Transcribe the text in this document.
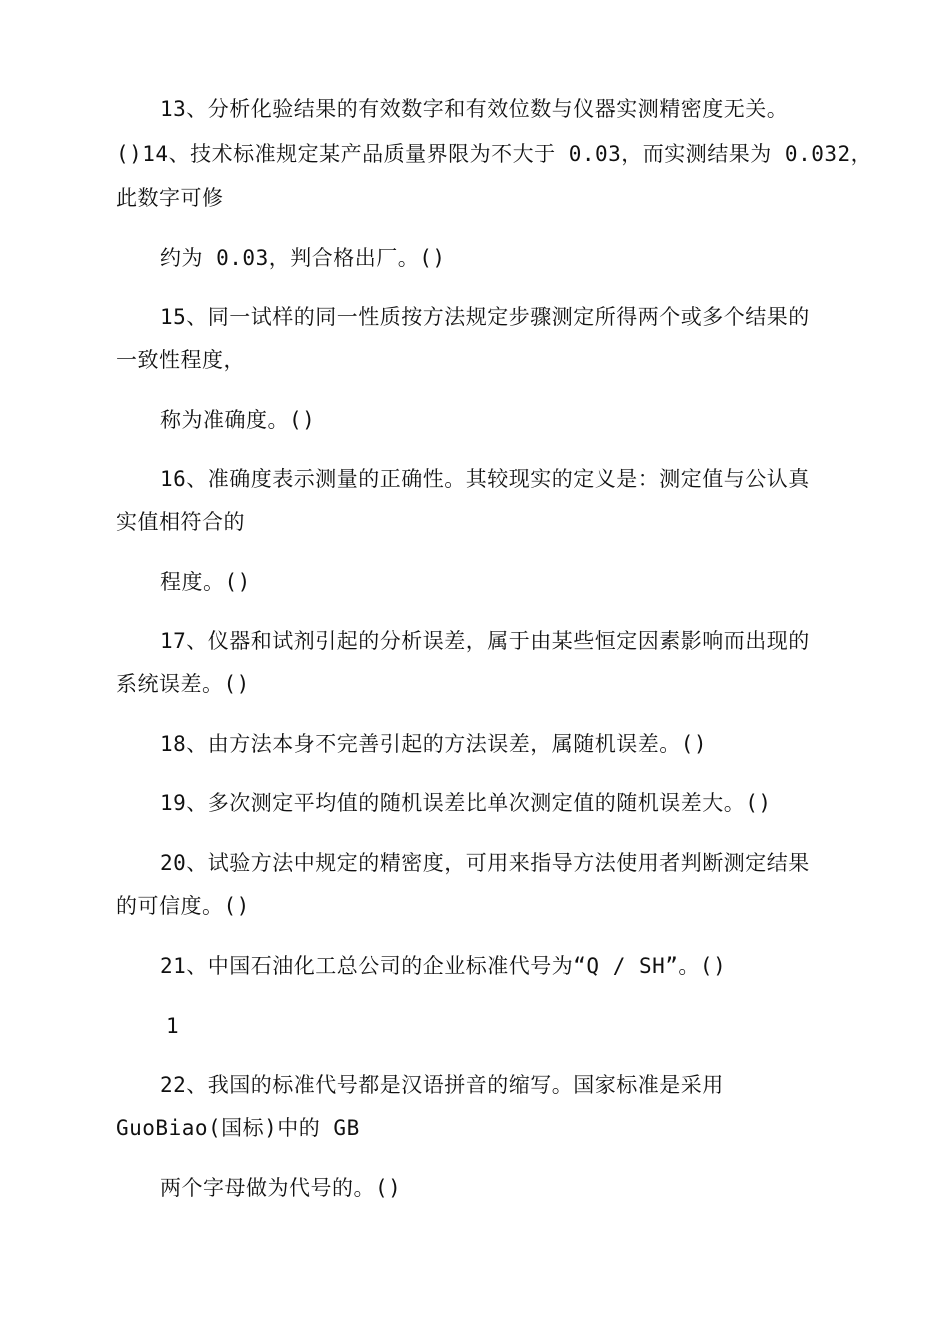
13、分析化验结果的有效数字和有效位数与仪器实测精密度无关。
()14、技术标准规定某产品质量界限为不大于 0.03，而实测结果为 0.032，
此数字可修
约为 0.03，判合格出厂。()
15、同一试样的同一性质按方法规定步骤测定所得两个或多个结果的
一致性程度，
称为准确度。()
16、准确度表示测量的正确性。其较现实的定义是：测定值与公认真
实值相符合的
程度。()
17、仪器和试剂引起的分析误差，属于由某些恒定因素影响而出现的
系统误差。()
18、由方法本身不完善引起的方法误差，属随机误差。()
19、多次测定平均值的随机误差比单次测定值的随机误差大。()
20、试验方法中规定的精密度，可用来指导方法使用者判断测定结果
的可信度。()
21、中国石油化工总公司的企业标准代号为“Q / SH”。()
1
22、我国的标准代号都是汉语拼音的缩写。国家标准是采用
GuoBiao(国标)中的 GB
两个字母做为代号的。()
